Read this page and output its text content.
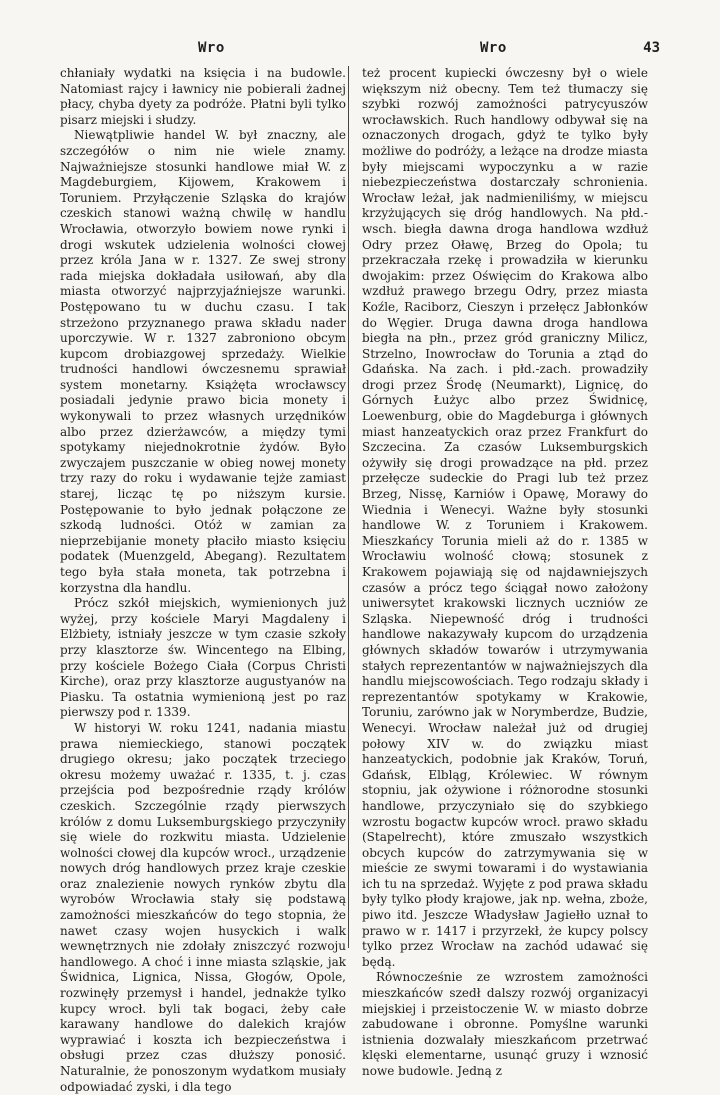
Wro	Wro	43

chłaniały wydatki na księcia i na budowle. Natomiast rajcy i ławnicy nie pobierali żadnej płacy, chyba dyety za podróże. Płatni byli tylko pisarz miejski i słudzy.

Niewątpliwie handel W. był znaczny, ale szczegółów o nim nie wiele znamy. Najważniejsze stosunki handlowe miał W. z Magdeburgiem, Kijowem, Krakowem i Toruniem. Przyłączenie Szląska do krajów czeskich stanowi ważną chwilę w handlu Wrocławia, otworzyło bowiem nowe rynki i drogi wskutek udzielenia wolności cłowej przez króla Jana w r. 1327. Ze swej strony rada miejska dokładała usiłowań, aby dla miasta otworzyć najprzyjaźniejsze warunki. Postępowano tu w duchu czasu. I tak strzeżono przyznanego prawa składu nader uporczywie. W r. 1327 zabroniono obcym kupcom drobiazgowej sprzedaży. Wielkie trudności handlowi ówczesnemu sprawiał system monetarny. Książęta wrocławscy posiadali jedynie prawo bicia monety i wykonywali to przez własnych urzędników albo przez dzierżawców, a między tymi spotykamy niejednokrotnie żydów. Było zwyczajem puszczanie w obieg nowej monety trzy razy do roku i wydawanie tejże zamiast starej, licząc tę po niższym kursie. Postępowanie to było jednak połączone ze szkodą ludności. Otóż w zamian za nieprzebijanie monety płaciło miasto księciu podatek (Muenzgeld, Abegang). Rezultatem tego była stała moneta, tak potrzebna i korzystna dla handlu.

Prócz szkół miejskich, wymienionych już wyżej, przy kościele Maryi Magdaleny i Elżbiety, istniały jeszcze w tym czasie szkoły przy klasztorze św. Wincentego na Elbing, przy kościele Bożego Ciała (Corpus Christi Kirche), oraz przy klasztorze augustyanów na Piasku. Ta ostatnia wymienioną jest po raz pierwszy pod r. 1339.

W historyi W. roku 1241, nadania miastu prawa niemieckiego, stanowi początek drugiego okresu; jako początek trzeciego okresu możemy uważać r. 1335, t. j. czas przejścia pod bezpośrednie rządy królów czeskich. Szczególnie rządy pierwszych królów z domu Luksemburgskiego przyczyniły się wiele do rozkwitu miasta. Udzielenie wolności cłowej dla kupców wrocł., urządzenie nowych dróg handlowych przez kraje czeskie oraz znalezienie nowych rynków zbytu dla wyrobów Wrocławia stały się podstawą zamożności mieszkańców do tego stopnia, że nawet czasy wojen husyckich i walk wewnętrznych nie zdołały zniszczyć rozwoju handlowego. A choć i inne miasta szląskie, jak Świdnica, Lignica, Nissa, Głogów, Opole, rozwinęły przemysł i handel, jednakże tylko kupcy wrocł. byli tak bogaci, żeby całe karawany handlowe do dalekich krajów wyprawiać i koszta ich bezpieczeństwa i obsługi przez czas dłuższy ponosić. Naturalnie, że ponoszonym wydatkom musiały odpowiadać zyski, i dla tego

też procent kupiecki ówczesny był o wiele większym niż obecny. Tem też tłumaczy się szybki rozwój zamożności patrycyuszów wrocławskich. Ruch handlowy odbywał się na oznaczonych drogach, gdyż te tylko były możliwe do podróży, a leżące na drodze miasta były miejscami wypoczynku a w razie niebezpieczeństwa dostarczały schronienia. Wrocław leżał, jak nadmieniliśmy, w miejscu krzyżujących się dróg handlowych. Na płd.-wsch. biegła dawna droga handlowa wzdłuż Odry przez Oławę, Brzeg do Opola; tu przekraczała rzekę i prowadziła w kierunku dwojakim: przez Oświęcim do Krakowa albo wzdłuż prawego brzegu Odry, przez miasta Koźle, Raciborz, Cieszyn i przełęcz Jabłonków do Węgier. Druga dawna droga handlowa biegła na płn., przez gród graniczny Milicz, Strzelno, Inowrocław do Torunia a ztąd do Gdańska. Na zach. i płd.-zach. prowadziły drogi przez Środę (Neumarkt), Lignicę, do Górnych Łużyc albo przez Świdnicę, Loewenburg, obie do Magdeburga i głównych miast hanzeatyckich oraz przez Frankfurt do Szczecina. Za czasów Luksemburgskich ożywiły się drogi prowadzące na płd. przez przełęcze sudeckie do Pragi lub też przez Brzeg, Nissę, Karniów i Opawę, Morawy do Wiednia i Wenecyi. Ważne były stosunki handlowe W. z Toruniem i Krakowem. Mieszkańcy Torunia mieli aż do r. 1385 w Wrocławiu wolność cłową; stosunek z Krakowem pojawiają się od najdawniejszych czasów a prócz tego ściągał nowo założony uniwersytet krakowski licznych uczniów ze Szląska. Niepewność dróg i trudności handlowe nakazywały kupcom do urządzenia głównych składów towarów i utrzymywania stałych reprezentantów w najważniejszych dla handlu miejscowościach. Tego rodzaju składy i reprezentantów spotykamy w Krakowie, Toruniu, zarówno jak w Norymberdze, Budzie, Wenecyi. Wrocław należał już od drugiej połowy XIV w. do związku miast hanzeatyckich, podobnie jak Kraków, Toruń, Gdańsk, Elbląg, Królewiec. W równym stopniu, jak ożywione i różnorodne stosunki handlowe, przyczyniało się do szybkiego wzrostu bogactw kupców wrocł. prawo składu (Stapelrecht), które zmuszało wszystkich obcych kupców do zatrzymywania się w mieście ze swymi towarami i do wystawiania ich tu na sprzedaż. Wyjęte z pod prawa składu były tylko płody krajowe, jak np. wełna, zboże, piwo itd. Jeszcze Władysław Jagiełło uznał to prawo w r. 1417 i przyrzekł, że kupcy polscy tylko przez Wrocław na zachód udawać się będą.

Równocześnie ze wzrostem zamożności mieszkańców szedł dalszy rozwój organizacyi miejskiej i przeistoczenie W. w miasto dobrze zabudowane i obronne. Pomyślne warunki istnienia dozwalały mieszkańcom przetrwać klęski elementarne, usunąć gruzy i wznosić nowe budowle. Jedną z
